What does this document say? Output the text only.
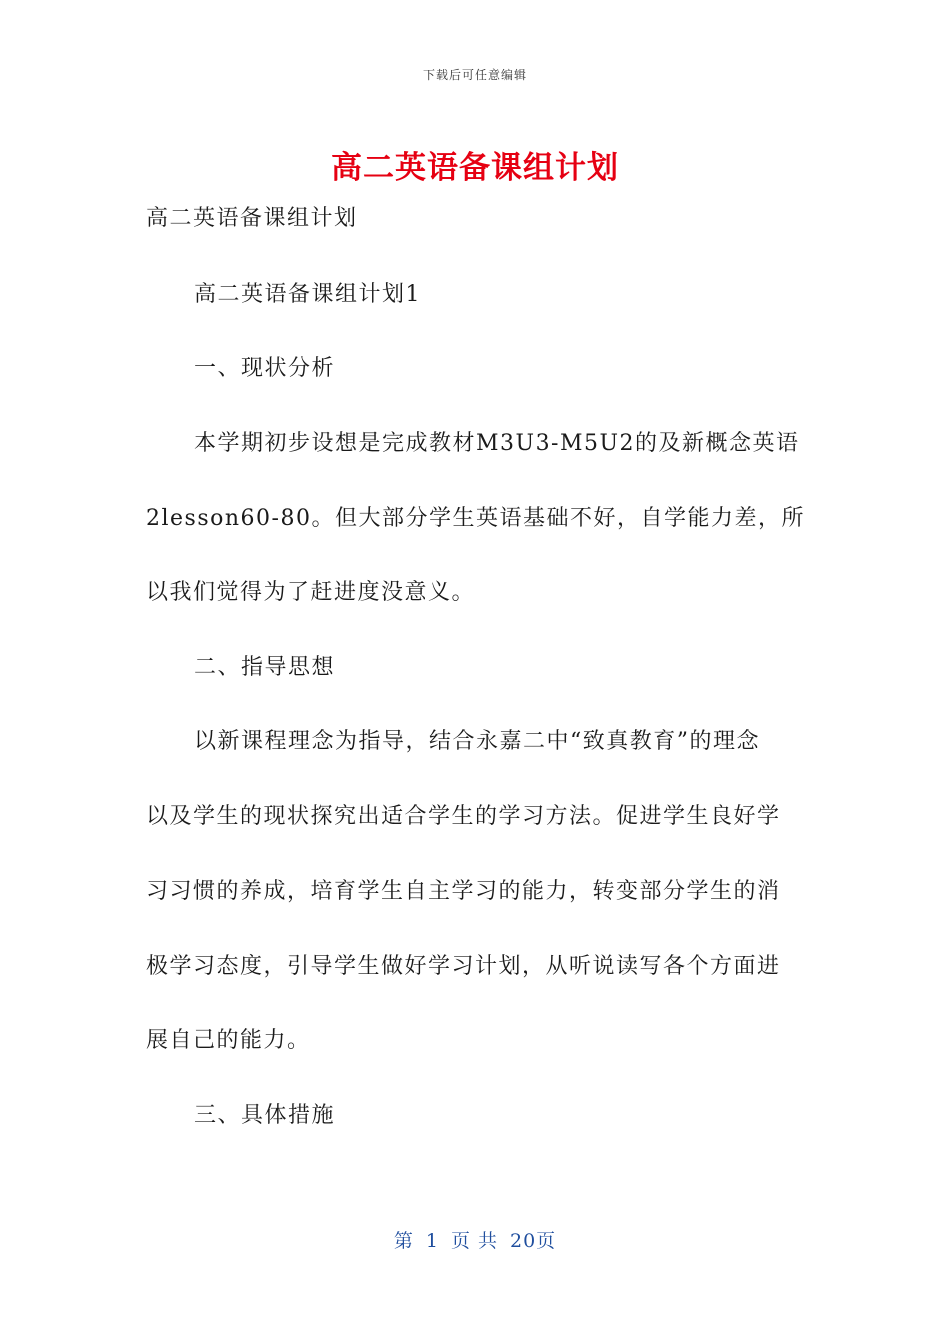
下载后可任意编辑
高二英语备课组计划
高二英语备课组计划
高二英语备课组计划1
一、现状分析
本学期初步设想是完成教材M3U3-M5U2的及新概念英语
2lesson60-80。但大部分学生英语基础不好，自学能力差，所
以我们觉得为了赶进度没意义。
二、指导思想
以新课程理念为指导，结合永嘉二中“致真教育”的理念
以及学生的现状探究出适合学生的学习方法。促进学生良好学
习习惯的养成，培育学生自主学习的能力，转变部分学生的消
极学习态度，引导学生做好学习计划，从听说读写各个方面进
展自己的能力。
三、具体措施
第 1 页 共 20页
